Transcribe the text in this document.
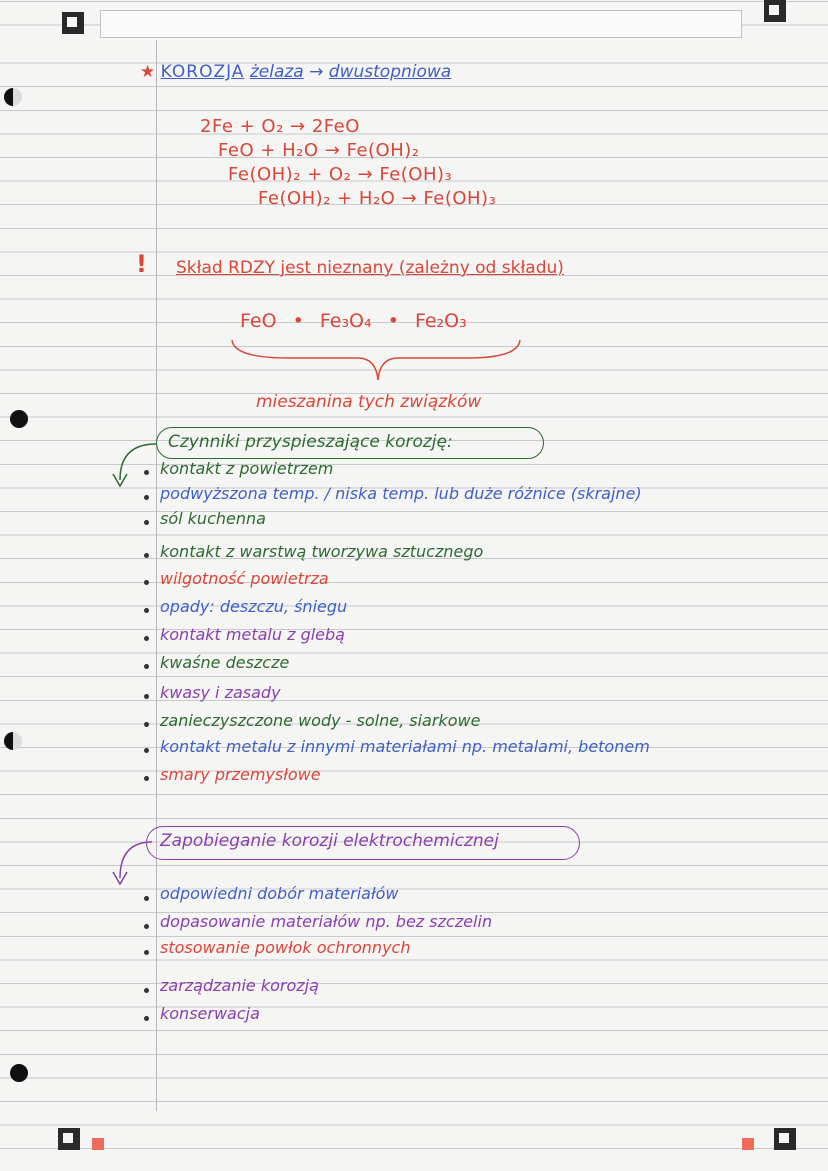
★ KOROZJA żelaza → dwustopniowa
2Fe + O₂ → 2FeO
FeO + H₂O → Fe(OH)₂
Fe(OH)₂ + O₂ → Fe(OH)₃
Fe(OH)₂ + H₂O → Fe(OH)₃
! Skład RDZY jest nieznany (zależny od składu)
FeO • Fe₃O₄ • Fe₂O₃
mieszanina tych związków
Czynniki przyspieszające korozję:
kontakt z powietrzem
podwyższona temp. / niska temp. lub duże różnice (skrajne)
sól kuchenna
kontakt z warstwą tworzywa sztucznego
wilgotność powietrza
opady: deszczu, śniegu
kontakt metalu z glebą
kwaśne deszcze
kwasy i zasady
zanieczyszczone wody - solne, siarkowe
kontakt metalu z innymi materiałami np. metalami, betonem
smary przemysłowe
Zapobieganie korozji elektrochemicznej
odpowiedni dobór materiałów
dopasowanie materiałów np. bez szczelin
stosowanie powłok ochronnych
zarządzanie korozją
konserwacja
